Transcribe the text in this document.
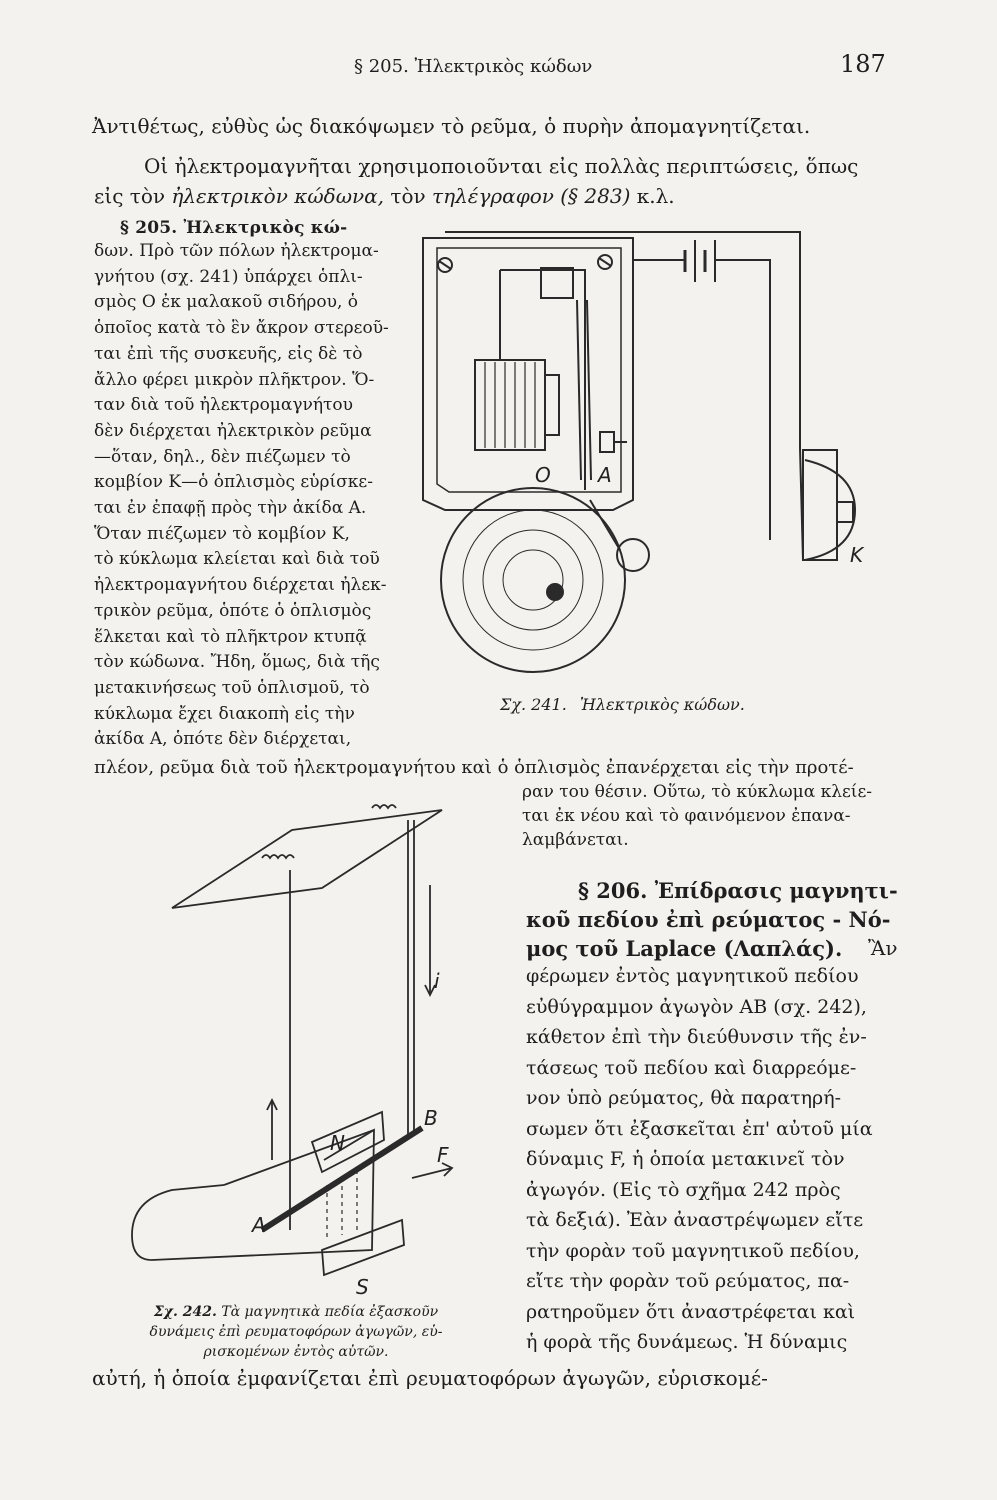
§ 205. Ἠλεκτρικὸς κώδων	187
Ἀντιθέτως, εὐθὺς ὡς διακόψωμεν τὸ ρεῦμα, ὁ πυρὴν ἀπομαγνητίζεται.
Οἱ ἠλεκτρομαγνῆται χρησιμοποιοῦνται εἰς πολλὰς περιπτώσεις, ὅπως
εἰς τὸν ἠλεκτρικὸν κώδωνα, τὸν τηλέγραφον (§ 283) κ.λ.
§ 205. Ἠλεκτρικὸς κώ-
δων. Πρὸ τῶν πόλων ἠλεκτρομα-
γνήτου (σχ. 241) ὑπάρχει ὁπλι-
σμὸς Ο ἐκ μαλακοῦ σιδήρου, ὁ
ὁποῖος κατὰ τὸ ἓν ἄκρον στερεοῦ-
ται ἐπὶ τῆς συσκευῆς, εἰς δὲ τὸ
ἄλλο φέρει μικρὸν πλῆκτρον. Ὅ-
ταν διὰ τοῦ ἠλεκτρομαγνήτου
δὲν διέρχεται ἠλεκτρικὸν ρεῦμα
—ὅταν, δηλ., δὲν πιέζωμεν τὸ
κομβίον Κ—ὁ ὁπλισμὸς εὑρίσκε-
ται ἐν ἐπαφῇ πρὸς τὴν ἀκίδα Α.
Ὅταν πιέζωμεν τὸ κομβίον Κ,
τὸ κύκλωμα κλείεται καὶ διὰ τοῦ
ἠλεκτρομαγνήτου διέρχεται ἠλεκ-
τρικὸν ρεῦμα, ὁπότε ὁ ὁπλισμὸς
ἕλκεται καὶ τὸ πλῆκτρον κτυπᾷ
τὸν κώδωνα. Ἤδη, ὅμως, διὰ τῆς
μετακινήσεως τοῦ ὁπλισμοῦ, τὸ
κύκλωμα ἔχει διακοπὴ εἰς τὴν
ἀκίδα Α, ὁπότε δὲν διέρχεται,
πλέον, ρεῦμα διὰ τοῦ ἠλεκτρομαγνήτου καὶ ὁ ὁπλισμὸς ἐπανέρχεται εἰς τὴν προτέ-
ραν του θέσιν. Οὕτω, τὸ κύκλωμα κλείε-
ται ἐκ νέου καὶ τὸ φαινόμενον ἐπανα-
λαμβάνεται.
O A
K
Σχ. 241. Ἠλεκτρικὸς κώδων.
§ 206. Ἐπίδρασις μαγνητι-
κοῦ πεδίου ἐπὶ ρεύματος - Νό-
μος τοῦ Laplace (Λαπλάς). Ἂν
φέρωμεν ἐντὸς μαγνητικοῦ πεδίου
εὐθύγραμμον ἀγωγὸν ΑΒ (σχ. 242),
κάθετον ἐπὶ τὴν διεύθυνσιν τῆς ἐν-
τάσεως τοῦ πεδίου καὶ διαρρεόμε-
νον ὑπὸ ρεύματος, θὰ παρατηρή-
σωμεν ὅτι ἐξασκεῖται ἐπ' αὐτοῦ μία
δύναμις F, ἡ ὁποία μετακινεῖ τὸν
ἀγωγόν. (Εἰς τὸ σχῆμα 242 πρὸς
τὰ δεξιά). Ἐὰν ἀναστρέψωμεν εἴτε
τὴν φορὰν τοῦ μαγνητικοῦ πεδίου,
εἴτε τὴν φορὰν τοῦ ρεύματος, πα-
ρατηροῦμεν ὅτι ἀναστρέφεται καὶ
ἡ φορὰ τῆς δυνάμεως. Ἡ δύναμις
αὐτή, ἡ ὁποία ἐμφανίζεται ἐπὶ ρευματοφόρων ἀγωγῶν, εὑρισκομέ-
i
N
B
F
A
S
Σχ. 242. Τὰ μαγνητικὰ πεδία ἐξασκοῦν
δυνάμεις ἐπὶ ρευματοφόρων ἀγωγῶν, εὑ-
ρισκομένων ἐντὸς αὐτῶν.
